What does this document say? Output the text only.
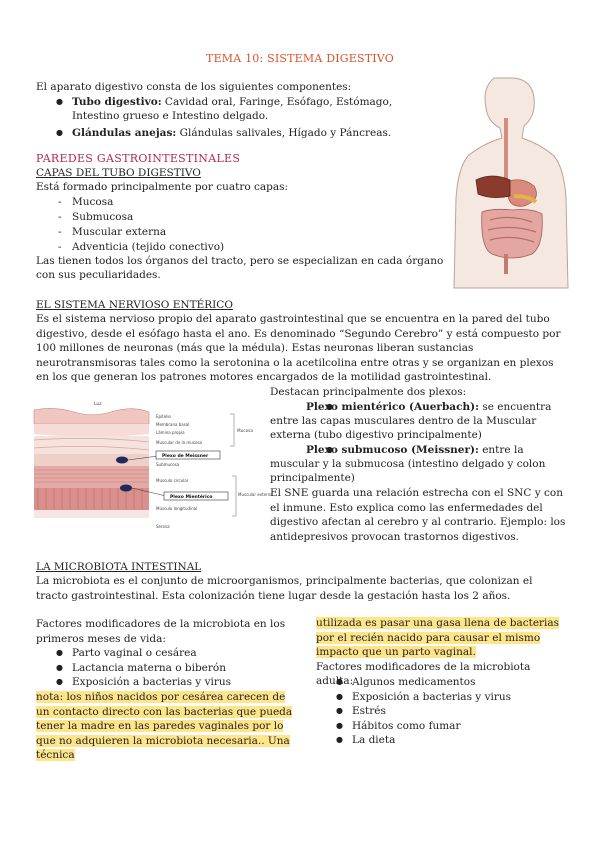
TEMA 10: SISTEMA DIGESTIVO
El aparato digestivo consta de los siguientes componentes:
● Tubo digestivo: Cavidad oral, Faringe, Esófago, Estómago, Intestino grueso e Intestino delgado.
● Glándulas anejas: Glándulas salivales, Hígado y Páncreas.
PAREDES GASTROINTESTINALES
CAPAS DEL TUBO DIGESTIVO
Está formado principalmente por cuatro capas:
- Mucosa
- Submucosa
- Muscular externa
- Adventicia (tejido conectivo)
Las tienen todos los órganos del tracto, pero se especializan en cada órgano con sus peculiaridades.
EL SISTEMA NERVIOSO ENTÉRICO
Es el sistema nervioso propio del aparato gastrointestinal que se encuentra en la pared del tubo digestivo, desde el esófago hasta el ano. Es denominado “Segundo Cerebro” y está compuesto por 100 millones de neuronas (más que la médula). Estas neuronas liberan sustancias neurotransmisoras tales como la serotonina o la acetilcolina entre otras y se organizan en plexos en los que generan los patrones motores encargados de la motilidad gastrointestinal.
Luz
Epitelio
Membrana basal
Lámina propia
Muscular de la mucosa
Mucosa
Plexo de Meissner
Submucosa
Músculo circular
Plexo Mientérico
Músculo longitudinal
Muscular externa
Serosa
Destacan principalmente dos plexos:
● Plexo mientérico (Auerbach): se encuentra entre las capas musculares dentro de la Muscular externa (tubo digestivo principalmente)
● Plexo submucoso (Meissner): entre la muscular y la submucosa (intestino delgado y colon principalmente)
El SNE guarda una relación estrecha con el SNC y con el inmune. Esto explica como las enfermedades del digestivo afectan al cerebro y al contrario. Ejemplo: los antidepresivos provocan trastornos digestivos.
LA MICROBIOTA INTESTINAL
La microbiota es el conjunto de microorganismos, principalmente bacterias, que colonizan el tracto gastrointestinal. Esta colonización tiene lugar desde la gestación hasta los 2 años.
Factores modificadores de la microbiota en los primeros meses de vida:
● Parto vaginal o cesárea
● Lactancia materna o biberón
● Exposición a bacterias y virus
nota: los niños nacidos por cesárea carecen de un contacto directo con las bacterias que pueda tener la madre en las paredes vaginales por lo que no adquieren la microbiota necesaria.. Una técnica
utilizada es pasar una gasa llena de bacterias por el recién nacido para causar el mismo impacto que un parto vaginal.
Factores modificadores de la microbiota adulta:
● Algunos medicamentos
● Exposición a bacterias y virus
● Estrés
● Hábitos como fumar
● La dieta
